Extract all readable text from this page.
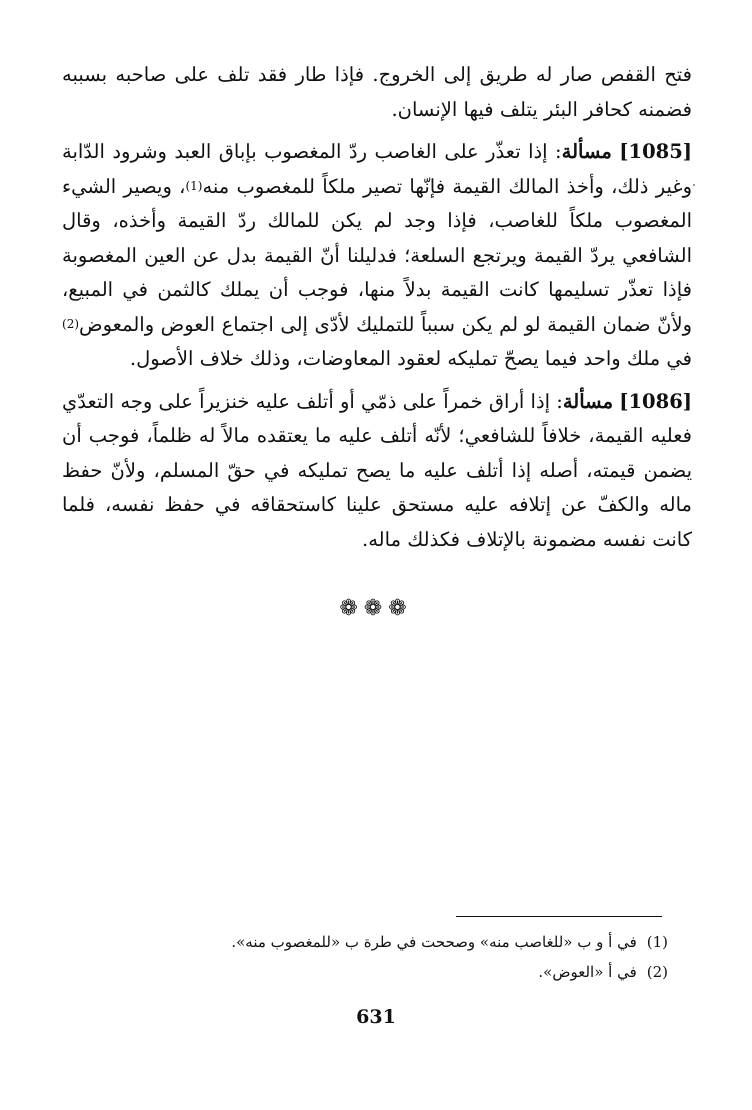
فتح القفص صار له طريق إلى الخروج. فإذا طار فقد تلف على صاحبه بسببه فضمنه كحافر البئر يتلف فيها الإنسان.

[1085] مسألة: إذا تعذّر على الغاصب ردّ المغصوب بإباق العبد وشرود الدّابة وغير ذلك، وأخذ المالك القيمة فإنّها تصير ملكاً للمغصوب منه$^{(1)}$، ويصير الشيء المغصوب ملكاً للغاصب، فإذا وجد لم يكن للمالك ردّ القيمة وأخذه، وقال الشافعي يردّ القيمة ويرتجع السلعة؛ فدليلنا أنّ القيمة بدل عن العين المغصوبة فإذا تعذّر تسليمها كانت القيمة بدلاً منها، فوجب أن يملك كالثمن في المبيع، ولأنّ ضمان القيمة لو لم يكن سبباً للتمليك لأدّى إلى اجتماع العوض والمعوض$^{(2)}$ في ملك واحد فيما يصحّ تمليكه لعقود المعاوضات، وذلك خلاف الأصول.

[1086] مسألة: إذا أراق خمراً على ذمّي أو أتلف عليه خنزيراً على وجه التعدّي فعليه القيمة، خلافاً للشافعي؛ لأنّه أتلف عليه ما يعتقده مالاً له ظلماً، فوجب أن يضمن قيمته، أصله إذا أتلف عليه ما يصح تمليكه في حقّ المسلم، ولأنّ حفظ ماله والكفّ عن إتلافه عليه مستحق علينا كاستحقاقه في حفظ نفسه، فلما كانت نفسه مضمونة بالإتلاف فكذلك ماله.

❁❁❁
(1)في أ و ب «للغاصب منه» وصححت في طرة ب «للمغصوب منه».
(2)في أ «العوض».
631
